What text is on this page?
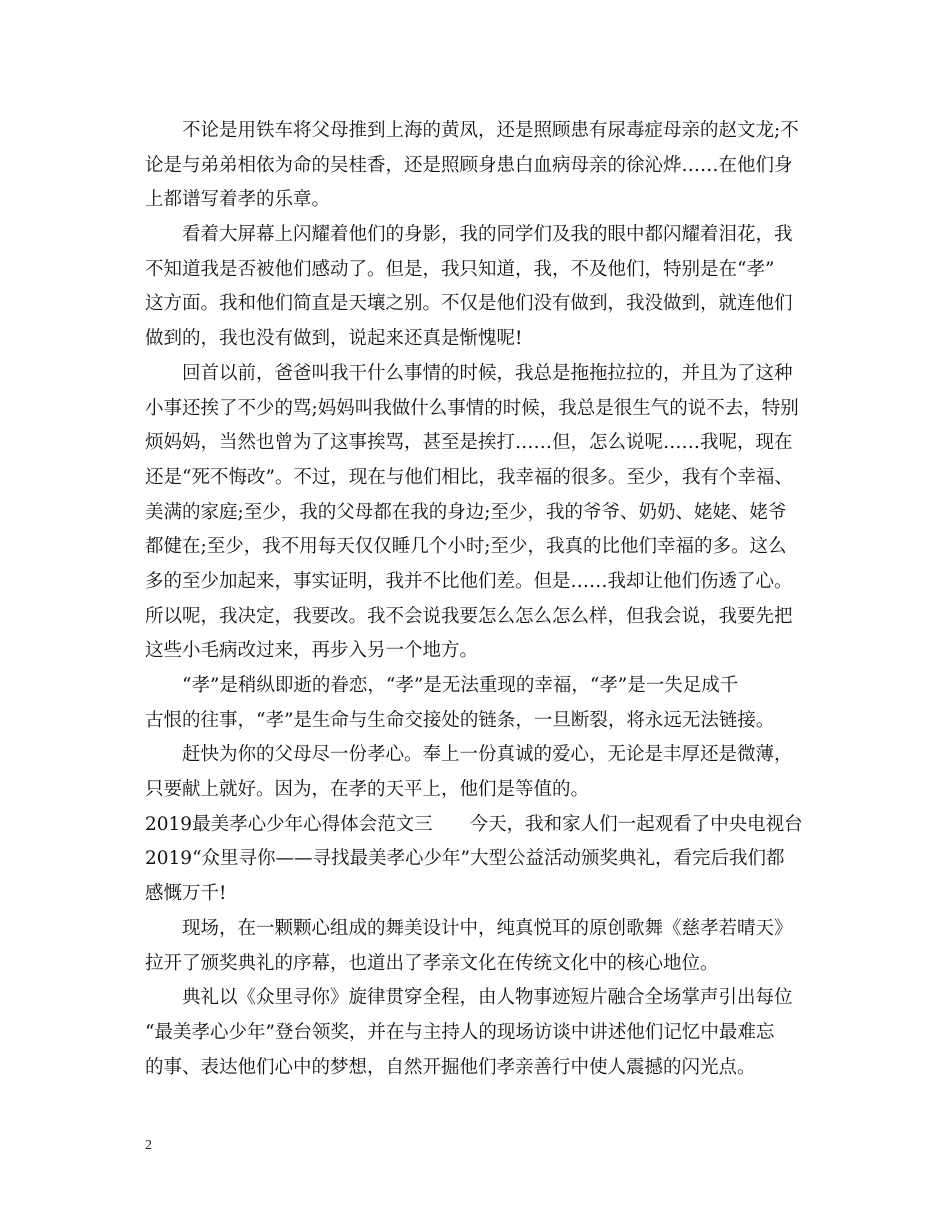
　　不论是用铁车将父母推到上海的黄凤，还是照顾患有尿毒症母亲的赵文龙;不
论是与弟弟相依为命的吴桂香，还是照顾身患白血病母亲的徐沁烨……在他们身
上都谱写着孝的乐章。
　　看着大屏幕上闪耀着他们的身影，我的同学们及我的眼中都闪耀着泪花，我
不知道我是否被他们感动了。但是，我只知道，我，不及他们，特别是在“孝”
这方面。我和他们简直是天壤之别。不仅是他们没有做到，我没做到，就连他们
做到的，我也没有做到，说起来还真是惭愧呢!
　　回首以前，爸爸叫我干什么事情的时候，我总是拖拖拉拉的，并且为了这种
小事还挨了不少的骂;妈妈叫我做什么事情的时候，我总是很生气的说不去，特别
烦妈妈，当然也曾为了这事挨骂，甚至是挨打……但，怎么说呢……我呢，现在
还是“死不悔改”。不过，现在与他们相比，我幸福的很多。至少，我有个幸福、
美满的家庭;至少，我的父母都在我的身边;至少，我的爷爷、奶奶、姥姥、姥爷
都健在;至少，我不用每天仅仅睡几个小时;至少，我真的比他们幸福的多。这么
多的至少加起来，事实证明，我并不比他们差。但是……我却让他们伤透了心。
所以呢，我决定，我要改。我不会说我要怎么怎么怎么样，但我会说，我要先把
这些小毛病改过来，再步入另一个地方。
　　“孝”是稍纵即逝的眷恋，“孝”是无法重现的幸福，“孝”是一失足成千
古恨的往事，“孝”是生命与生命交接处的链条，一旦断裂，将永远无法链接。
　　赶快为你的父母尽一份孝心。奉上一份真诚的爱心，无论是丰厚还是微薄，
只要献上就好。因为，在孝的天平上，他们是等值的。
2019最美孝心少年心得体会范文三　　今天，我和家人们一起观看了中央电视台
2019“众里寻你——寻找最美孝心少年”大型公益活动颁奖典礼，看完后我们都
感慨万千!
　　现场，在一颗颗心组成的舞美设计中，纯真悦耳的原创歌舞《慈孝若晴天》
拉开了颁奖典礼的序幕，也道出了孝亲文化在传统文化中的核心地位。
　　典礼以《众里寻你》旋律贯穿全程，由人物事迹短片融合全场掌声引出每位
“最美孝心少年”登台领奖，并在与主持人的现场访谈中讲述他们记忆中最难忘
的事、表达他们心中的梦想，自然开掘他们孝亲善行中使人震撼的闪光点。

2
